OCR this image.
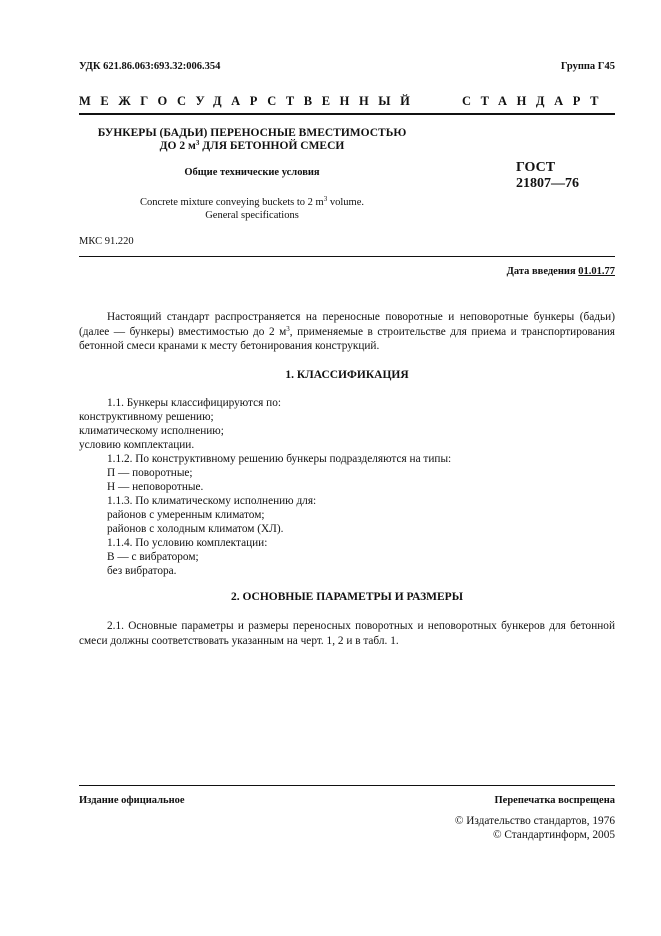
УДК 621.86.063:693.32:006.354	Группа Г45
МЕЖГОСУДАРСТВЕННЫЙ	СТАНДАРТ
БУНКЕРЫ (БАДЬИ) ПЕРЕНОСНЫЕ ВМЕСТИМОСТЬЮ
ДО 2 $м^3$ ДЛЯ БЕТОННОЙ СМЕСИ
Общие технические условия
Concrete mixture conveying buckets to 2 $m^3$ volume.
General specifications
ГОСТ
21807—76
МКС 91.220
Дата введения 01.01.77
Настоящий стандарт распространяется на переносные поворотные и неповоротные бункеры (бадьи) (далее — бункеры) вместимостью до 2 $м^3$, применяемые в строительстве для приема и транспортирования бетонной смеси кранами к месту бетонирования конструкций.
1. КЛАССИФИКАЦИЯ
1.1. Бункеры классифицируются по:
конструктивному решению;
климатическому исполнению;
условию комплектации.
1.1.2. По конструктивному решению бункеры подразделяются на типы:
П — поворотные;
Н — неповоротные.
1.1.3. По климатическому исполнению для:
районов с умеренным климатом;
районов с холодным климатом (ХЛ).
1.1.4. По условию комплектации:
В — с вибратором;
без вибратора.
2. ОСНОВНЫЕ ПАРАМЕТРЫ И РАЗМЕРЫ
2.1. Основные параметры и размеры переносных поворотных и неповоротных бункеров для бетонной смеси должны соответствовать указанным на черт. 1, 2 и в табл. 1.
Издание официальное	Перепечатка воспрещена
© Издательство стандартов, 1976
© Стандартинформ, 2005
